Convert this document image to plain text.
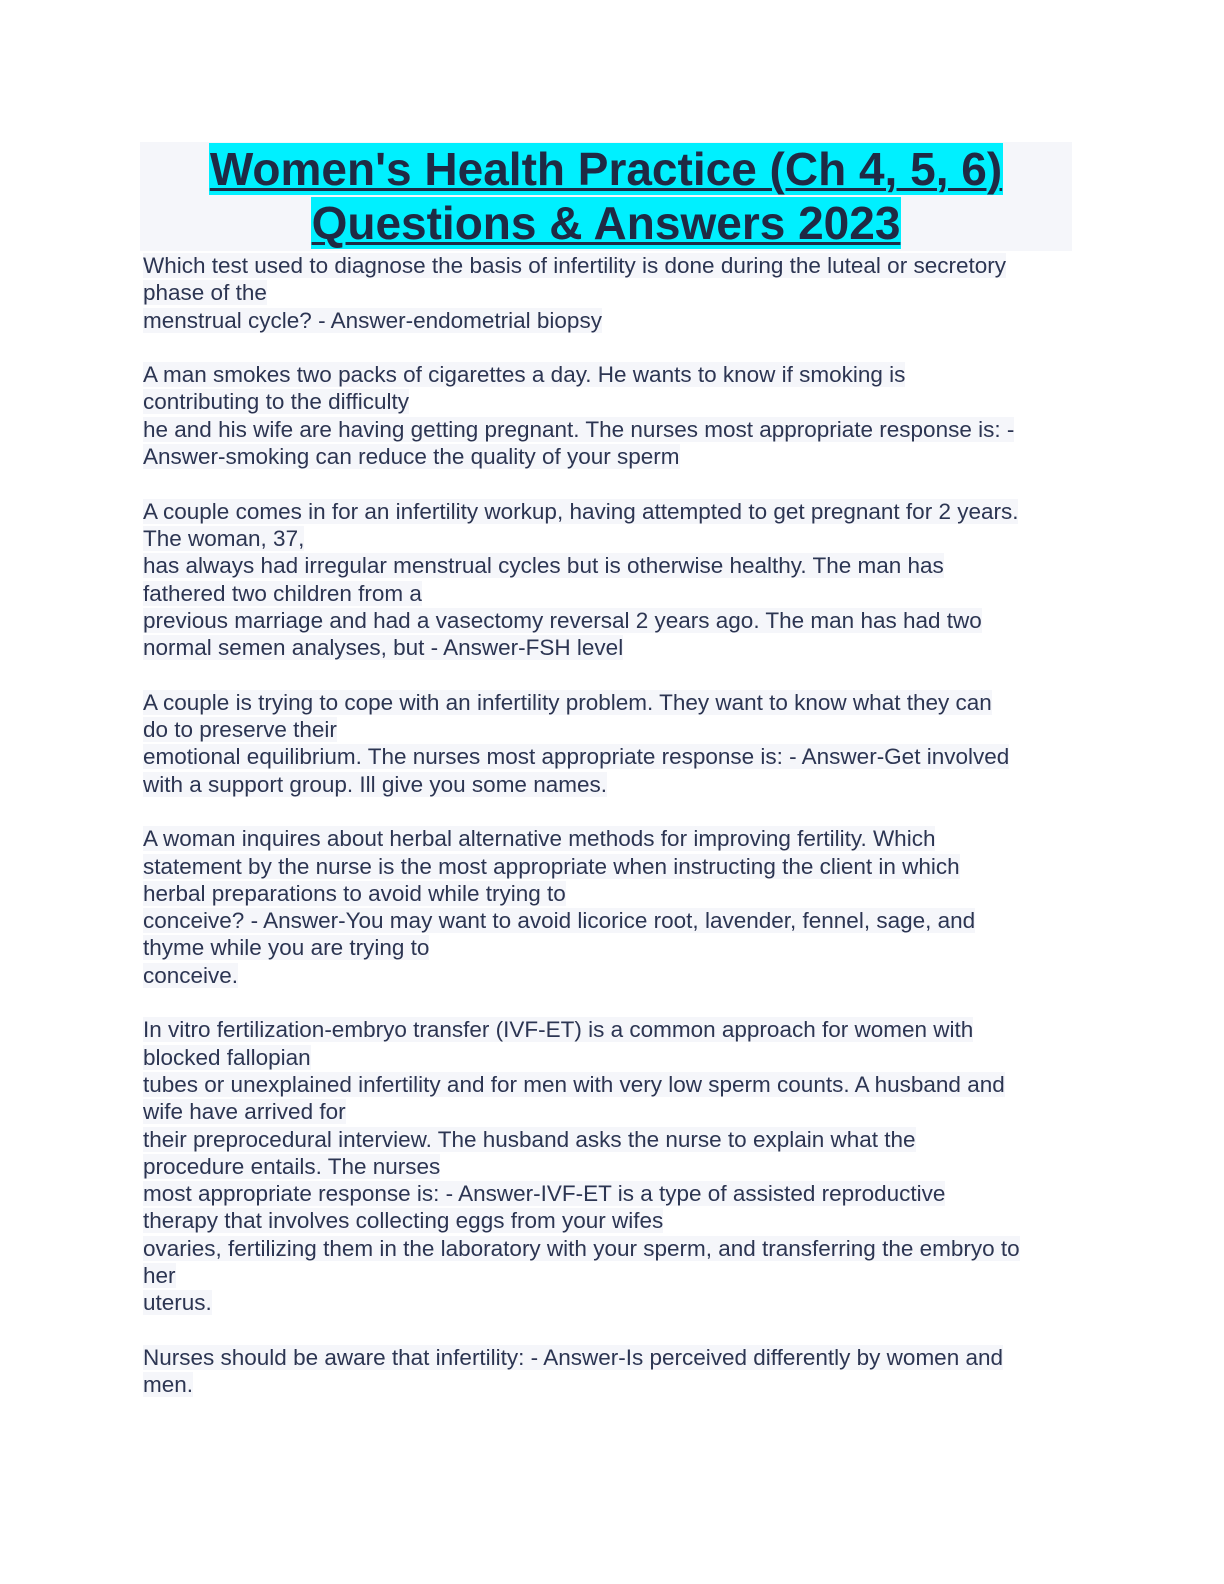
Women's Health Practice (Ch 4, 5, 6)
Questions & Answers 2023
Which test used to diagnose the basis of infertility is done during the luteal or secretory
phase of the
menstrual cycle? - Answer-endometrial biopsy
A man smokes two packs of cigarettes a day. He wants to know if smoking is
contributing to the difficulty
he and his wife are having getting pregnant. The nurses most appropriate response is: -
Answer-smoking can reduce the quality of your sperm
A couple comes in for an infertility workup, having attempted to get pregnant for 2 years.
The woman, 37,
has always had irregular menstrual cycles but is otherwise healthy. The man has
fathered two children from a
previous marriage and had a vasectomy reversal 2 years ago. The man has had two
normal semen analyses, but - Answer-FSH level
A couple is trying to cope with an infertility problem. They want to know what they can
do to preserve their
emotional equilibrium. The nurses most appropriate response is: - Answer-Get involved
with a support group. Ill give you some names.
A woman inquires about herbal alternative methods for improving fertility. Which
statement by the nurse is the most appropriate when instructing the client in which
herbal preparations to avoid while trying to
conceive? - Answer-You may want to avoid licorice root, lavender, fennel, sage, and
thyme while you are trying to
conceive.
In vitro fertilization-embryo transfer (IVF-ET) is a common approach for women with
blocked fallopian
tubes or unexplained infertility and for men with very low sperm counts. A husband and
wife have arrived for
their preprocedural interview. The husband asks the nurse to explain what the
procedure entails. The nurses
most appropriate response is: - Answer-IVF-ET is a type of assisted reproductive
therapy that involves collecting eggs from your wifes
ovaries, fertilizing them in the laboratory with your sperm, and transferring the embryo to
her
uterus.
Nurses should be aware that infertility: - Answer-Is perceived differently by women and
men.
